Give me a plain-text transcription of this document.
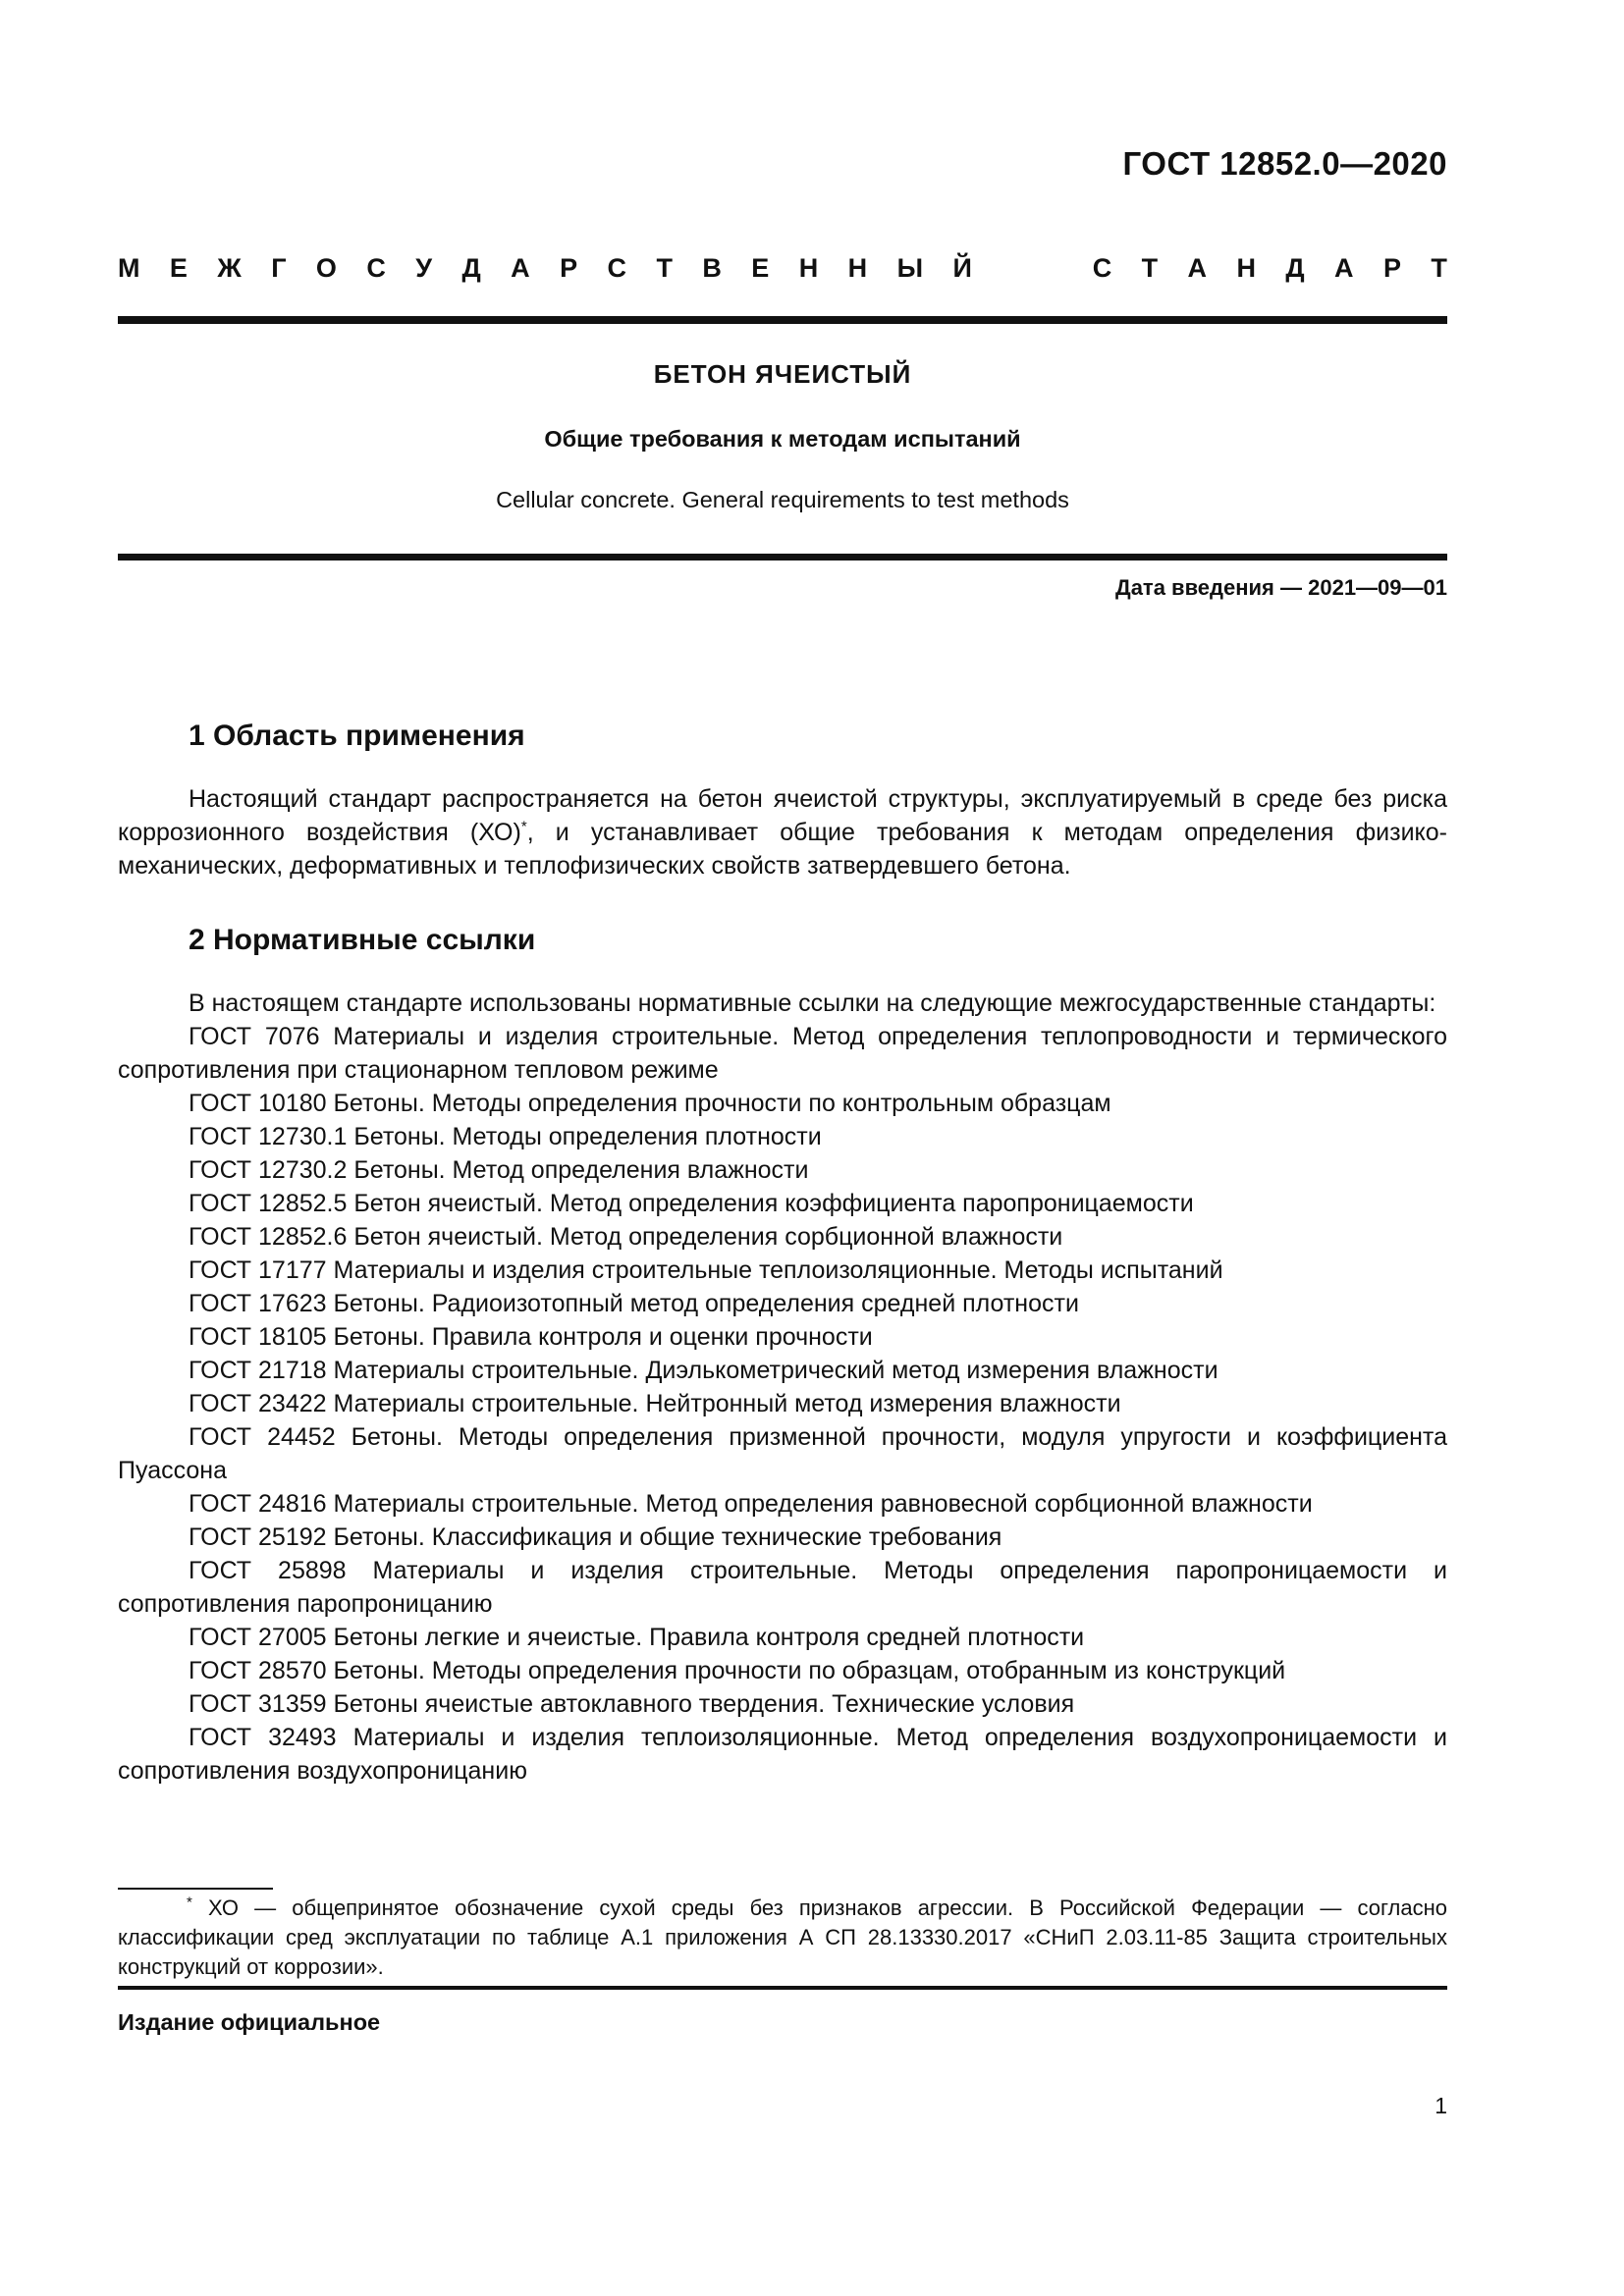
ГОСТ 12852.0—2020
М Е Ж Г О С У Д А Р С Т В Е Н Н Ы Й	С Т А Н Д А Р Т
БЕТОН ЯЧЕИСТЫЙ
Общие требования к методам испытаний
Cellular concrete. General requirements to test methods
Дата введения — 2021—09—01
1 Область применения
Настоящий стандарт распространяется на бетон ячеистой структуры, эксплуатируемый в среде без риска коррозионного воздействия (ХО)*, и устанавливает общие требования к методам определения физико-механических, деформативных и теплофизических свойств затвердевшего бетона.
2 Нормативные ссылки
В настоящем стандарте использованы нормативные ссылки на следующие межгосударственные стандарты:
ГОСТ 7076 Материалы и изделия строительные. Метод определения теплопроводности и термического сопротивления при стационарном тепловом режиме
ГОСТ 10180 Бетоны. Методы определения прочности по контрольным образцам
ГОСТ 12730.1 Бетоны. Методы определения плотности
ГОСТ 12730.2 Бетоны. Метод определения влажности
ГОСТ 12852.5 Бетон ячеистый. Метод определения коэффициента паропроницаемости
ГОСТ 12852.6 Бетон ячеистый. Метод определения сорбционной влажности
ГОСТ 17177 Материалы и изделия строительные теплоизоляционные. Методы испытаний
ГОСТ 17623 Бетоны. Радиоизотопный метод определения средней плотности
ГОСТ 18105 Бетоны. Правила контроля и оценки прочности
ГОСТ 21718 Материалы строительные. Диэлькометрический метод измерения влажности
ГОСТ 23422 Материалы строительные. Нейтронный метод измерения влажности
ГОСТ 24452 Бетоны. Методы определения призменной прочности, модуля упругости и коэффициента Пуассона
ГОСТ 24816 Материалы строительные. Метод определения равновесной сорбционной влажности
ГОСТ 25192 Бетоны. Классификация и общие технические требования
ГОСТ 25898 Материалы и изделия строительные. Методы определения паропроницаемости и сопротивления паропроницанию
ГОСТ 27005 Бетоны легкие и ячеистые. Правила контроля средней плотности
ГОСТ 28570 Бетоны. Методы определения прочности по образцам, отобранным из конструкций
ГОСТ 31359 Бетоны ячеистые автоклавного твердения. Технические условия
ГОСТ 32493 Материалы и изделия теплоизоляционные. Метод определения воздухопроницаемости и сопротивления воздухопроницанию
* ХО — общепринятое обозначение сухой среды без признаков агрессии. В Российской Федерации — согласно классификации сред эксплуатации по таблице А.1 приложения А СП 28.13330.2017 «СНиП 2.03.11-85 Защита строительных конструкций от коррозии».
Издание официальное
1
